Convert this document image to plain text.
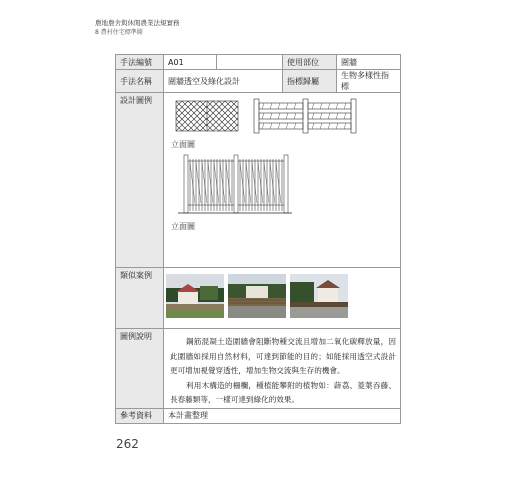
農地農舍與休閒農業法規實務
8 農村住宅標準圖
手法編號	A01		使用部位	圍牆
手法名稱	圍牆透空及綠化設計		指標歸屬	生物多樣性指標
設計圖例	立面圖
立面圖			

類似案例	

圖例說明	鋼筋混凝土造圍牆會阻斷物種交流且增加二氧化碳釋放量，因此圍牆如採用自然材料，可達到節能的目的；如能採用透空式設計更可增加視覺穿透性，增加生物交流與生存的機會。

利用木構造的柵欄，種植能攀附的植物如：薜荔、菱葉吞藤、長春藤類等，一樣可達到綠化的效果。			

參考資料	本計畫整理			
262
